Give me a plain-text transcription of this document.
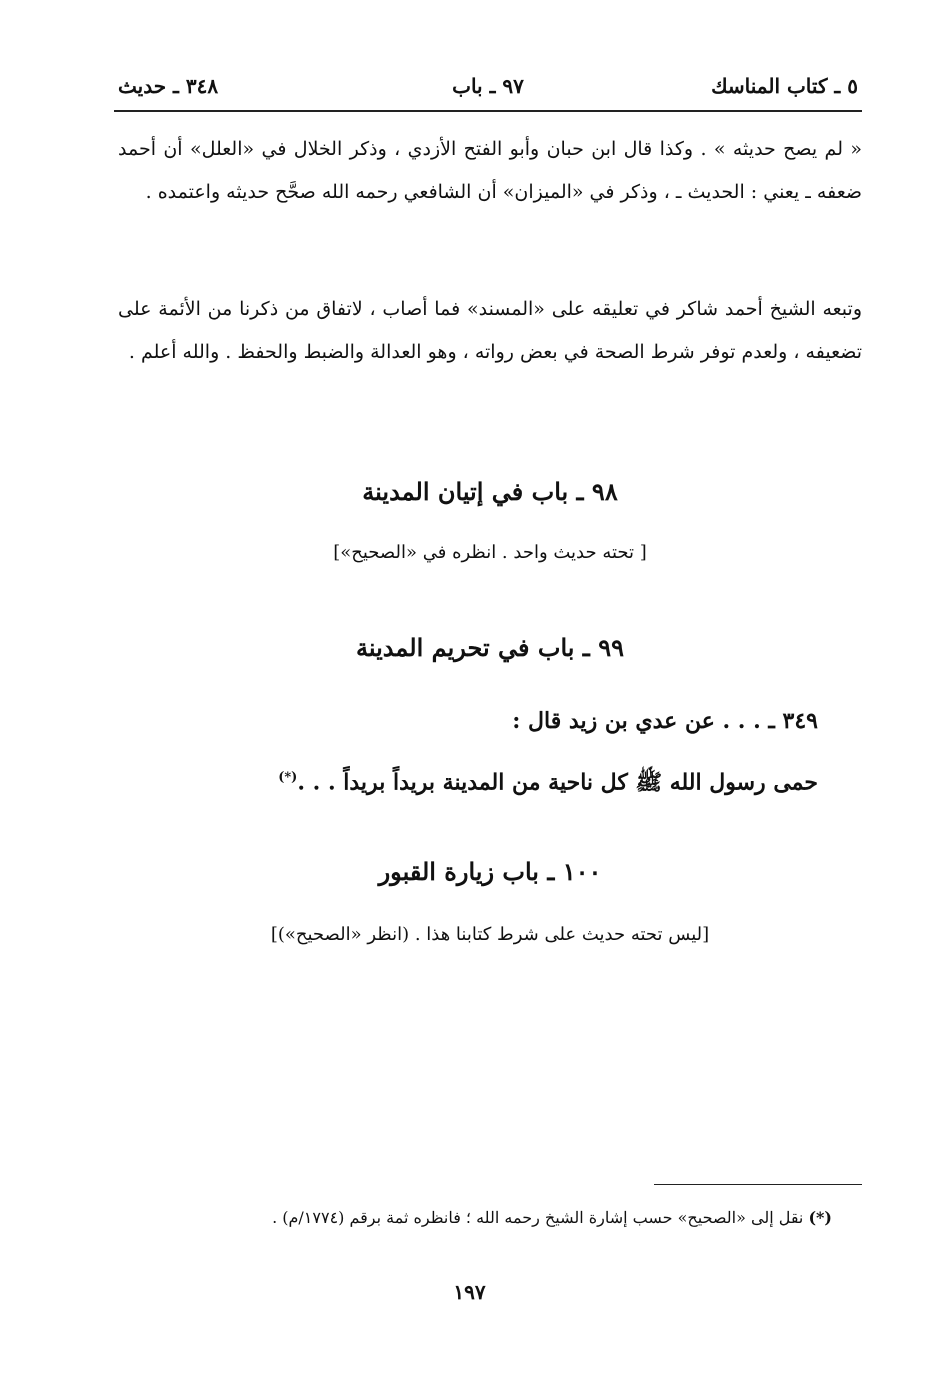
٥ ـ كتاب المناسك
٩٧ ـ باب
٣٤٨ ـ حديث
« لم يصح حديثه » . وكذا قال ابن حبان وأبو الفتح الأزدي ، وذكر الخلال في «العلل» أن أحمد ضعفه ـ يعني : الحديث ـ ، وذكر في «الميزان» أن الشافعي رحمه الله صحَّح حديثه واعتمده .
وتبعه الشيخ أحمد شاكر في تعليقه على «المسند» فما أصاب ، لاتفاق من ذكرنا من الأئمة على تضعيفه ، ولعدم توفر شرط الصحة في بعض رواته ، وهو العدالة والضبط والحفظ . والله أعلم .
٩٨ ـ باب في إتيان المدينة
[ تحته حديث واحد . انظره في «الصحيح»]
٩٩ ـ باب في تحريم المدينة
٣٤٩ ـ . . . عن عدي بن زيد قال :
حمى رسول الله ﷺ كل ناحية من المدينة بريداً بريداً . . .(*)
١٠٠ ـ باب زيارة القبور
[ليس تحته حديث على شرط كتابنا هذا . (انظر «الصحيح»)]
(*) نقل إلى «الصحيح» حسب إشارة الشيخ رحمه الله ؛ فانظره ثمة برقم (١٧٧٤/م) .
١٩٧
